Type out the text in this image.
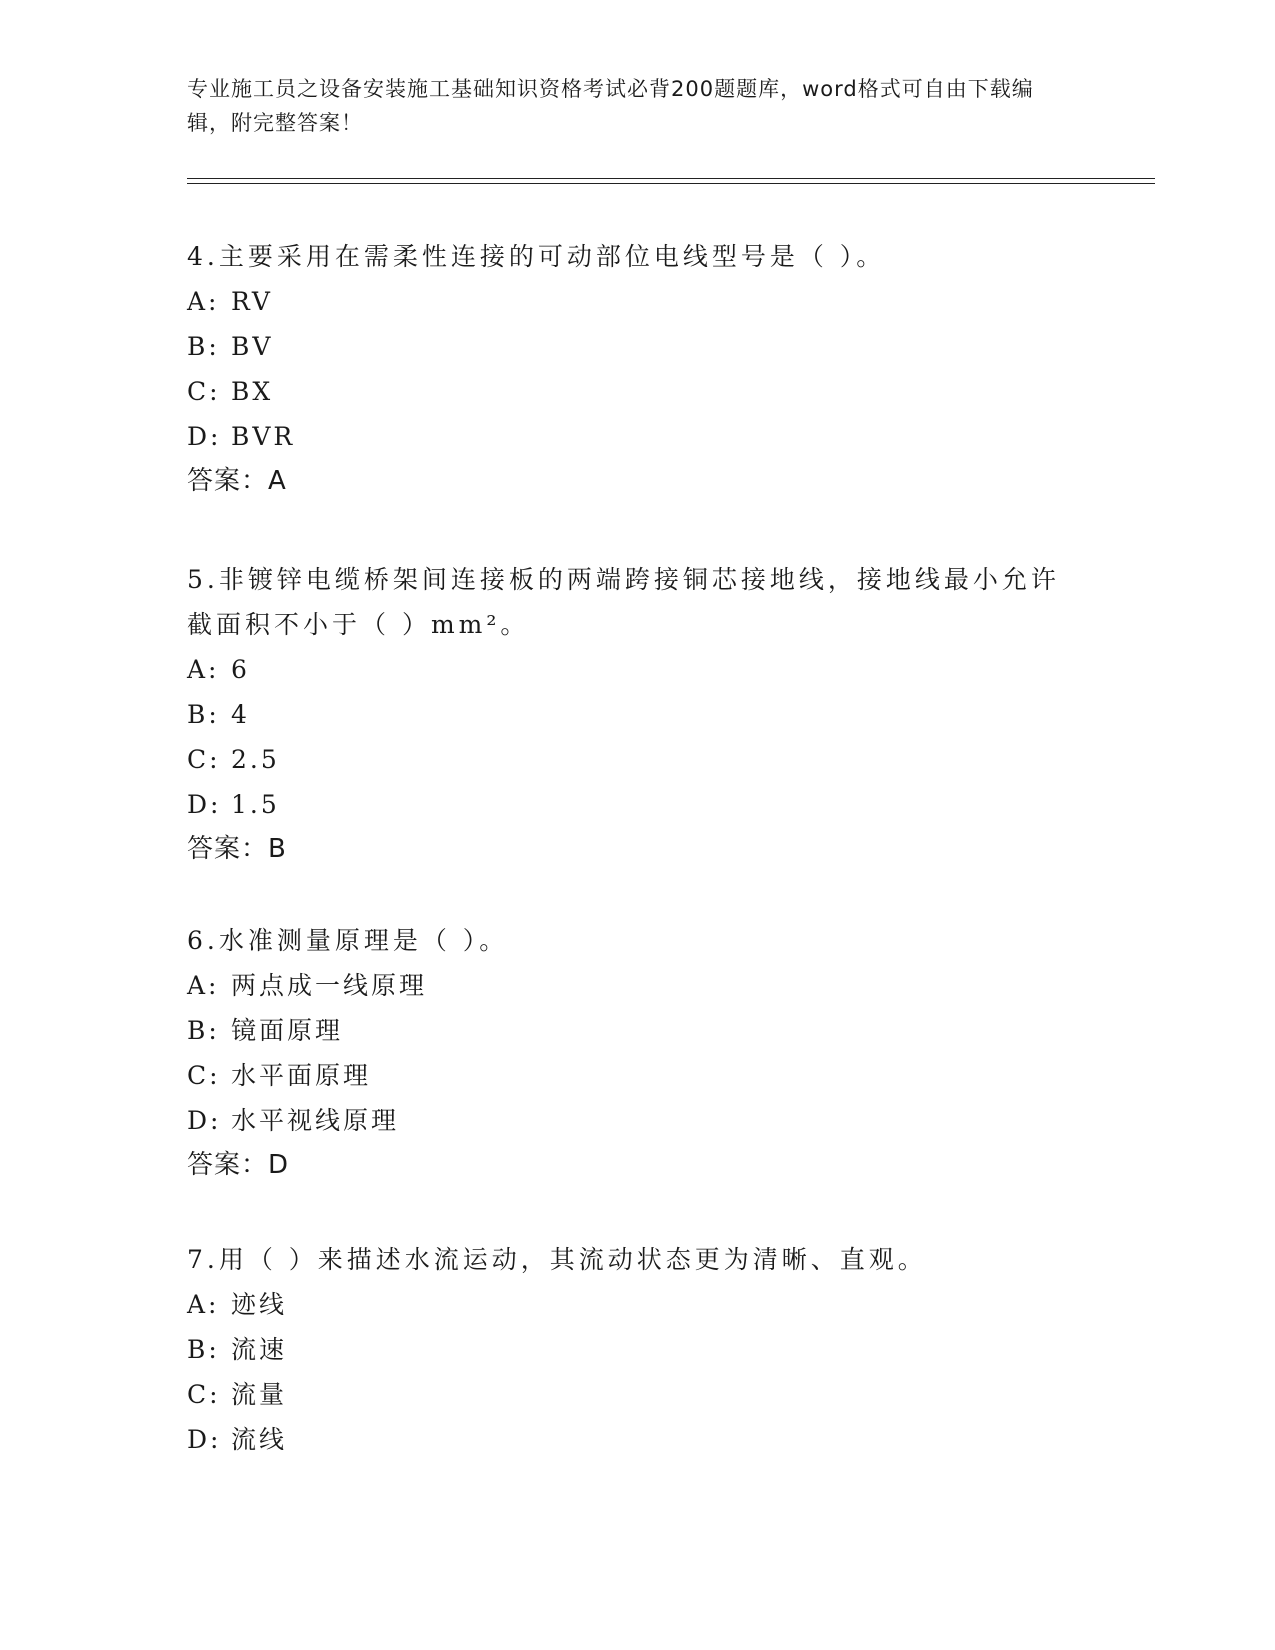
专业施工员之设备安装施工基础知识资格考试必背200题题库，word格式可自由下载编辑，附完整答案！

4.主要采用在需柔性连接的可动部位电线型号是（ ）。

A: RV

B: BV

C: BX

D: BVR

答案：A

5.非镀锌电缆桥架间连接板的两端跨接铜芯接地线，接地线最小允许截面积不小于（ ）mm²。

A: 6

B: 4

C: 2.5

D: 1.5

答案：B

6.水准测量原理是（ ）。

A: 两点成一线原理

B: 镜面原理

C: 水平面原理

D: 水平视线原理

答案：D

7.用（ ）来描述水流运动，其流动状态更为清晰、直观。

A: 迹线

B: 流速

C: 流量

D: 流线
